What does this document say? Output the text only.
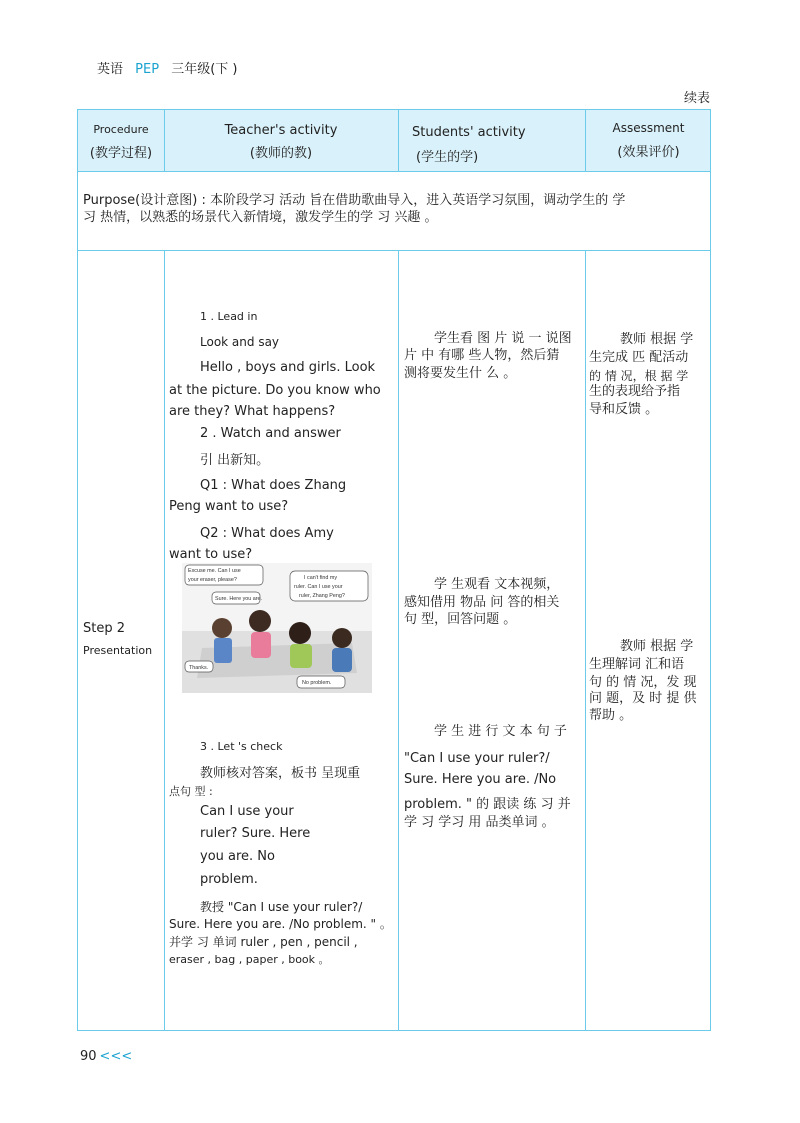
英语 PEP 三年级(下 )
续表
Procedure
(教学过程)
Teacher's activity
(教师的教)
Students' activity
(学生的学)
Assessment
(效果评价)
Purpose(设计意图) : 本阶段学习 活动 旨在借助歌曲导入，进入英语学习氛围，调动学生的 学
习 热情，以熟悉的场景代入新情境，激发学生的学 习 兴趣 。
Step 2
Presentation
1 . Lead in
Look and say
Hello , boys and girls. Look
at the picture. Do you know who
are they? What happens?
2 . Watch and answer
引 出新知。
Q1 : What does Zhang
Peng want to use?
Q2 : What does Amy
want to use?
Excuse me. Can I use
your eraser, please?
Sure. Here you are.
I can't find my
ruler. Can I use your
ruler, Zhang Peng?
Thanks.
No problem.
3 . Let 's check
教师核对答案，板书 呈现重
点句 型 :
Can I use your
ruler? Sure. Here
you are. No
problem.
教授 "Can I use your ruler?/
Sure. Here you are. /No problem. " 。
并学 习 单词 ruler , pen , pencil ,
eraser , bag , paper , book 。
学生看 图 片 说 一 说图
片 中 有哪 些人物，然后猜
测将要发生什 么 。
学 生观看 文本视频，
感知借用 物品 问 答的相关
句 型，回答问题 。
学 生 进 行 文 本 句 子
"Can I use your ruler?/
Sure. Here you are. /No
problem. " 的 跟读 练 习 并
学 习 学习 用 品类单词 。
教师 根据 学
生完成 匹 配活动
的 情 况，根 据 学
生的表现给予指
导和反馈 。
教师 根据 学
生理解词 汇和语
句 的 情 况，发 现
问 题，及 时 提 供
帮助 。
90 <<<
